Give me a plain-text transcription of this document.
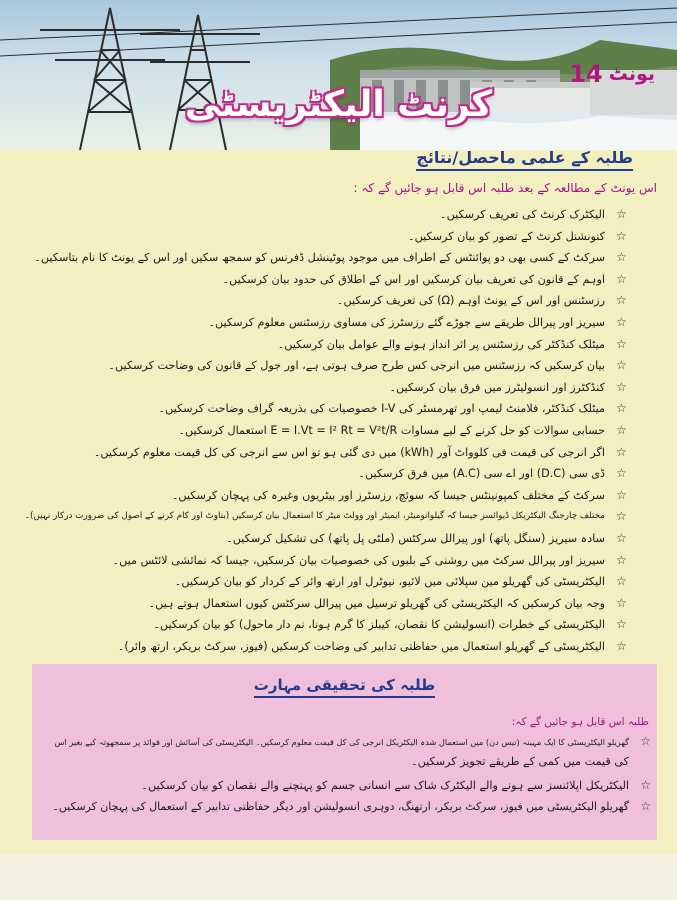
14 یونٹ
کرنٹ الیکٹریسٹی
طلبہ کے علمی ماحصل/نتائج
اس یونٹ کے مطالعہ کے بعد طلبہ اس قابل ہو جائیں گے کہ :
☆
الیکٹرک کرنٹ کی تعریف کرسکیں۔
☆
کنونشنل کرنٹ کے تصور کو بیان کرسکیں۔
☆
سرکٹ کے کسی بھی دو پوائنٹس کے اطراف میں موجود پوٹینشل ڈفرنس کو سمجھ سکیں اور اس کے یونٹ کا نام بتاسکیں۔
☆
اوہم کے قانون کی تعریف بیان کرسکیں اور اس کے اطلاق کی حدود بیان کرسکیں۔
☆
رزسٹنس اور اس کے یونٹ اوہم (Ω) کی تعریف کرسکیں۔
☆
سیریز اور پیرالل طریقے سے جوڑے گئے رزسٹرز کی مساوی رزسٹنس معلوم کرسکیں۔
☆
میٹلک کنڈکٹر کی رزسٹنس پر اثر انداز ہونے والے عوامل بیان کرسکیں۔
☆
بیان کرسکیں کہ رزسٹنس میں انرجی کس طرح صرف ہوتی ہے، اور جول کے قانون کی وضاحت کرسکیں۔
☆
کنڈکٹرز اور انسولیٹرز میں فرق بیان کرسکیں۔
☆
میٹلک کنڈکٹر، فلامنٹ لیمپ اور تھرمسٹر کی I-V خصوصیات کی بذریعہ گراف وضاحت کرسکیں۔
☆
حسابی سوالات کو حل کرنے کے لیے مساوات E = I.Vt = I² Rt = V²t/R استعمال کرسکیں۔
☆
اگر انرجی کی قیمت فی کلوواٹ آور (kWh) میں دی گئی ہو تو اس سے انرجی کی کل قیمت معلوم کرسکیں۔
☆
ڈی سی (D.C) اور اے سی (A.C) میں فرق کرسکیں۔
☆
سرکٹ کے مختلف کمپونینٹس جیسا کہ سوئچ، رزسٹرز اور بیٹریوں وغیرہ کی پہچان کرسکیں۔
☆
مختلف چارجنگ الیکٹریکل ڈیوائسز جیسا کہ گیلوانومیٹر، ایمیٹر اور وولٹ میٹر کا استعمال بیان کرسکیں (بناوٹ اور کام کرنے کے اصول کی ضرورت درکار نہیں)۔
☆
سادہ سیریز (سنگل پاتھ) اور پیرالل سرکٹس (ملٹی پل پاتھ) کی تشکیل کرسکیں۔
☆
سیریز اور پیرالل سرکٹ میں روشنی کے بلبوں کی خصوصیات بیان کرسکیں، جیسا کہ نمائشی لائٹس میں۔
☆
الیکٹریسٹی کی گھریلو مین سپلائی میں لائیو، نیوٹرل اور ارتھ وائر کے کردار کو بیان کرسکیں۔
☆
وجہ بیان کرسکیں کہ الیکٹریسٹی کی گھریلو ترسیل میں پیرالل سرکٹس کیوں استعمال ہوتے ہیں۔
☆
الیکٹریسٹی کے خطرات (انسولیشن کا نقصان، کیبلز کا گرم ہونا، نم دار ماحول) کو بیان کرسکیں۔
☆
الیکٹریسٹی کے گھریلو استعمال میں حفاظتی تدابیر کی وضاحت کرسکیں (فیوز، سرکٹ بریکر، ارتھ وائر)۔
طلبہ کی تحقیقی مہارت
طلبہ اس قابل ہو جائیں گے کہ:
☆
گھریلو الیکٹریسٹی کا ایک مہینہ (تیس دن) میں استعمال شدہ الیکٹریکل انرجی کی کل قیمت معلوم کرسکیں۔ الیکٹریسٹی کی آسائش اور فوائد پر سمجھوتہ کیے بغیر اس
کی قیمت میں کمی کے طریقے تجویز کرسکیں۔
☆
الیکٹریکل اپلائنسز سے ہونے والے الیکٹرک شاک سے انسانی جسم کو پہنچنے والے نقصان کو بیان کرسکیں۔
☆
گھریلو الیکٹریسٹی میں فیوز، سرکٹ بریکر، ارتھنگ، دوہری انسولیشن اور دیگر حفاظتی تدابیر کے استعمال کی پہچان کرسکیں۔
